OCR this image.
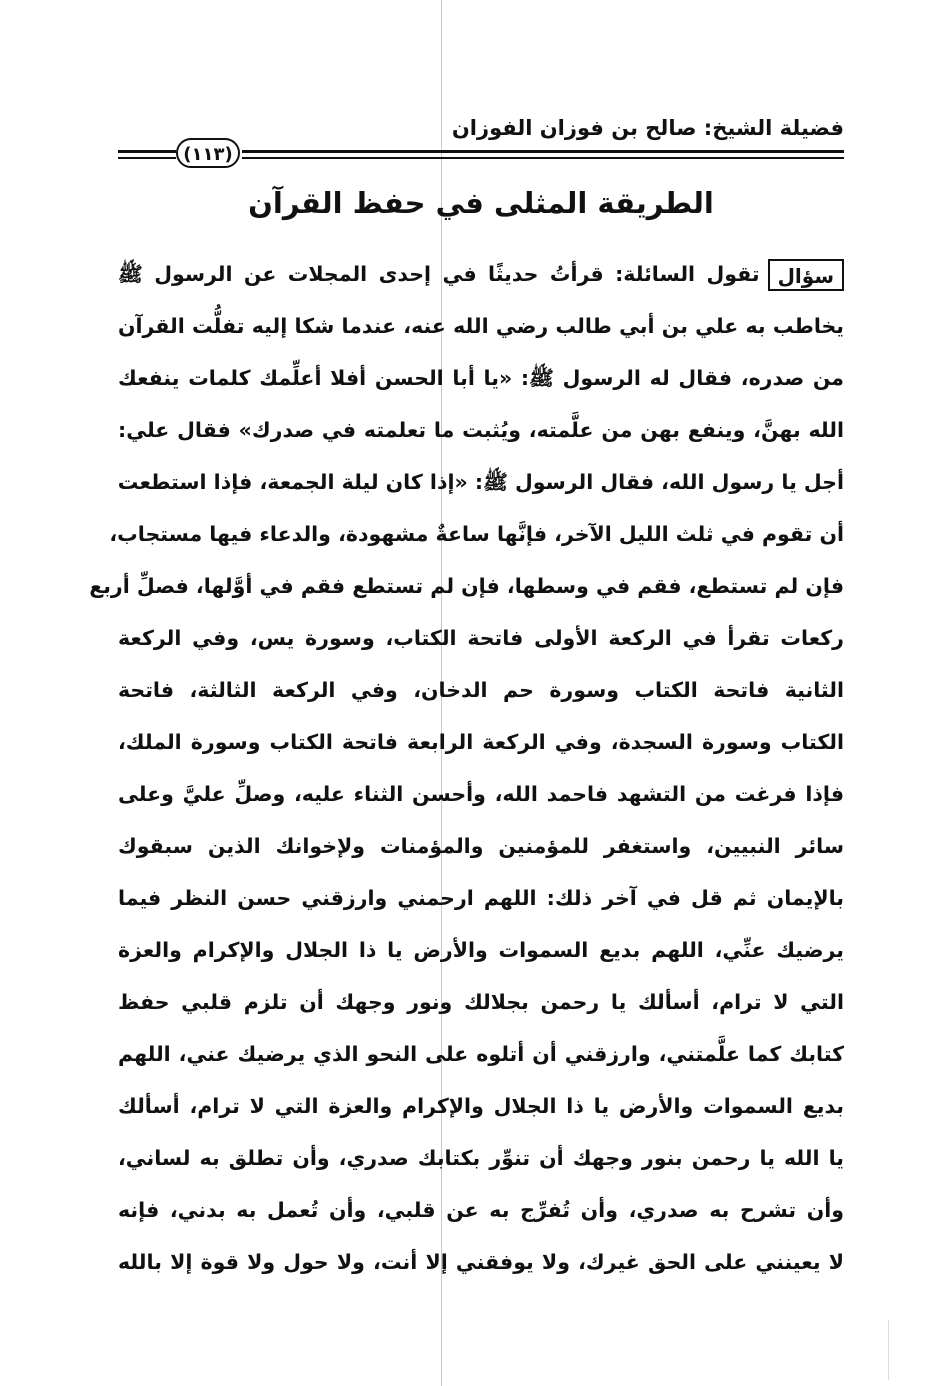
فضيلة الشيخ: صالح بن فوزان الفوزان
(١١٣)
الطريقة المثلى في حفظ القرآن
سؤالتقول السائلة: قرأتُ حديثًا في إحدى المجلات عن الرسول ﷺ
يخاطب به علي بن أبي طالب رضي الله عنه، عندما شكا إليه تفلُّت القرآن
من صدره، فقال له الرسول ﷺ: «يا أبا الحسن أفلا أعلِّمك كلمات ينفعك
الله بهنَّ، وينفع بهن من علَّمته، ويُثبت ما تعلمته في صدرك» فقال علي:
أجل يا رسول الله، فقال الرسول ﷺ: «إذا كان ليلة الجمعة، فإذا استطعت
أن تقوم في ثلث الليل الآخر، فإنَّها ساعةٌ مشهودة، والدعاء فيها مستجاب،
فإن لم تستطع، فقم في وسطها، فإن لم تستطع فقم في أوَّلها، فصلِّ أربع
ركعات تقرأ في الركعة الأولى فاتحة الكتاب، وسورة يس، وفي الركعة
الثانية فاتحة الكتاب وسورة حم الدخان، وفي الركعة الثالثة، فاتحة
الكتاب وسورة السجدة، وفي الركعة الرابعة فاتحة الكتاب وسورة الملك،
فإذا فرغت من التشهد فاحمد الله، وأحسن الثناء عليه، وصلِّ عليَّ وعلى
سائر النبيين، واستغفر للمؤمنين والمؤمنات ولإخوانك الذين سبقوك
بالإيمان ثم قل في آخر ذلك: اللهم ارحمني وارزقني حسن النظر فيما
يرضيك عنِّي، اللهم بديع السموات والأرض يا ذا الجلال والإكرام والعزة
التي لا ترام، أسألك يا رحمن بجلالك ونور وجهك أن تلزم قلبي حفظ
كتابك كما علَّمتني، وارزقني أن أتلوه على النحو الذي يرضيك عني، اللهم
بديع السموات والأرض يا ذا الجلال والإكرام والعزة التي لا ترام، أسألك
يا الله يا رحمن بنور وجهك أن تنوِّر بكتابك صدري، وأن تطلق به لساني،
وأن تشرح به صدري، وأن تُفرِّج به عن قلبي، وأن تُعمل به بدني، فإنه
لا يعينني على الحق غيرك، ولا يوفقني إلا أنت، ولا حول ولا قوة إلا بالله
